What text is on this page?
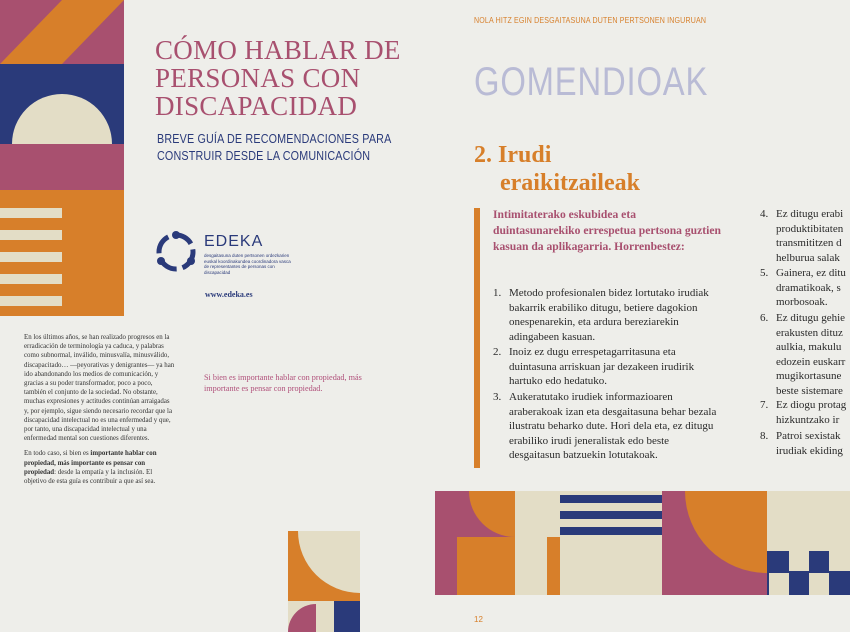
CÓMO HABLAR DE PERSONAS CON DISCAPACIDAD
BREVE GUÍA DE RECOMENDACIONES PARA CONSTRUIR DESDE LA COMUNICACIÓN
EDEKA
desgaitasuna duten pertsonen ordezkarien euskal koordinakundea coordinadora vasca de representantes de personas con discapacidad
www.edeka.es

En los últimos años, se han realizado progresos en la erradicación de terminología ya caduca, y palabras como subnormal, inválido, minusvalía, minusválido, discapacitado… —peyorativas y denigrantes— ya han ido abandonando los medios de comunicación, y gracias a su poder transformador, poco a poco, también el conjunto de la sociedad. No obstante, muchas expresiones y actitudes continúan arraigadas y, por ejemplo, sigue siendo necesario recordar que la discapacidad intelectual no es una enfermedad y que, por tanto, una discapacidad intelectual y una enfermedad mental son cuestiones diferentes.

En todo caso, si bien es importante hablar con propiedad, más importante es pensar con propiedad: desde la empatía y la inclusión. El objetivo de esta guía es contribuir a que así sea.

Si bien es importante hablar con propiedad, más importante es pensar con propiedad.
NOLA HITZ EGIN DESGAITASUNA DUTEN PERTSONEN INGURUAN
GOMENDIOAK
2. Irudi
eraikitzaileak
Intimitaterako eskubidea eta duintasunarekiko errespetua pertsona guztien kasuan da aplikagarria. Horrenbestez:
1. Metodo profesionalen bidez lortutako irudiak bakarrik erabiliko ditugu, betiere dagokion onespenarekin, eta ardura bereziarekin adingabeen kasuan.
2. Inoiz ez dugu errespetagarritasuna eta duintasuna arriskuan jar dezakeen irudirik hartuko edo hedatuko.
3. Aukeratutako irudiek informazioaren araberakoak izan eta desgaitasuna behar bezala ilustratu beharko dute. Hori dela eta, ez ditugu erabiliko irudi jeneralistak edo beste desgaitasun batzuekin lotutakoak.
4. Ez ditugu erabi produktibitaten transmititzen d helburua salak
5. Gainera, ez ditu dramatikoak, s morbosoak.
6. Ez ditugu gehie erakusten dituz aulkia, makulu edozein euskarr mugikortasune beste sistemare
7. Ez diogu protag hizkuntzako ir
8. Patroi sexistak irudiak ekiding
12
